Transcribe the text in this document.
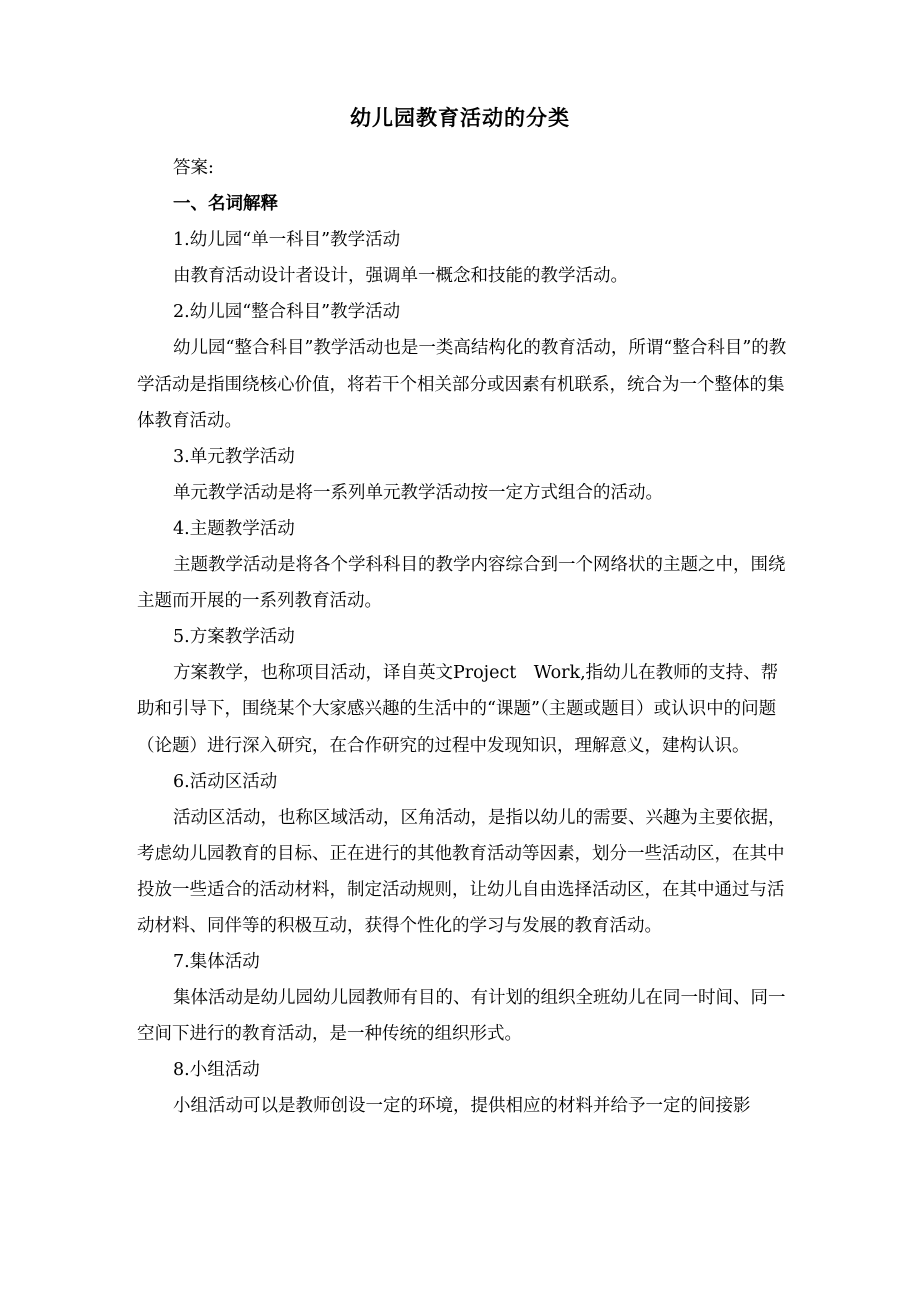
幼儿园教育活动的分类

答案:

一、名词解释

1.幼儿园“单一科目”教学活动

由教育活动设计者设计，强调单一概念和技能的教学活动。

2.幼儿园“整合科目”教学活动

幼儿园“整合科目”教学活动也是一类高结构化的教育活动，所谓“整合科目”的教学活动是指围绕核心价值，将若干个相关部分或因素有机联系，统合为一个整体的集体教育活动。

3.单元教学活动

单元教学活动是将一系列单元教学活动按一定方式组合的活动。

4.主题教学活动

主题教学活动是将各个学科科目的教学内容综合到一个网络状的主题之中，围绕主题而开展的一系列教育活动。

5.方案教学活动

方案教学，也称项目活动，译自英文Project　Work,指幼儿在教师的支持、帮助和引导下，围绕某个大家感兴趣的生活中的“课题”（主题或题目）或认识中的问题（论题）进行深入研究，在合作研究的过程中发现知识，理解意义，建构认识。

6.活动区活动

活动区活动，也称区域活动，区角活动，是指以幼儿的需要、兴趣为主要依据，考虑幼儿园教育的目标、正在进行的其他教育活动等因素，划分一些活动区，在其中投放一些适合的活动材料，制定活动规则，让幼儿自由选择活动区，在其中通过与活动材料、同伴等的积极互动，获得个性化的学习与发展的教育活动。

7.集体活动

集体活动是幼儿园幼儿园教师有目的、有计划的组织全班幼儿在同一时间、同一空间下进行的教育活动，是一种传统的组织形式。

8.小组活动

小组活动可以是教师创设一定的环境，提供相应的材料并给予一定的间接影
